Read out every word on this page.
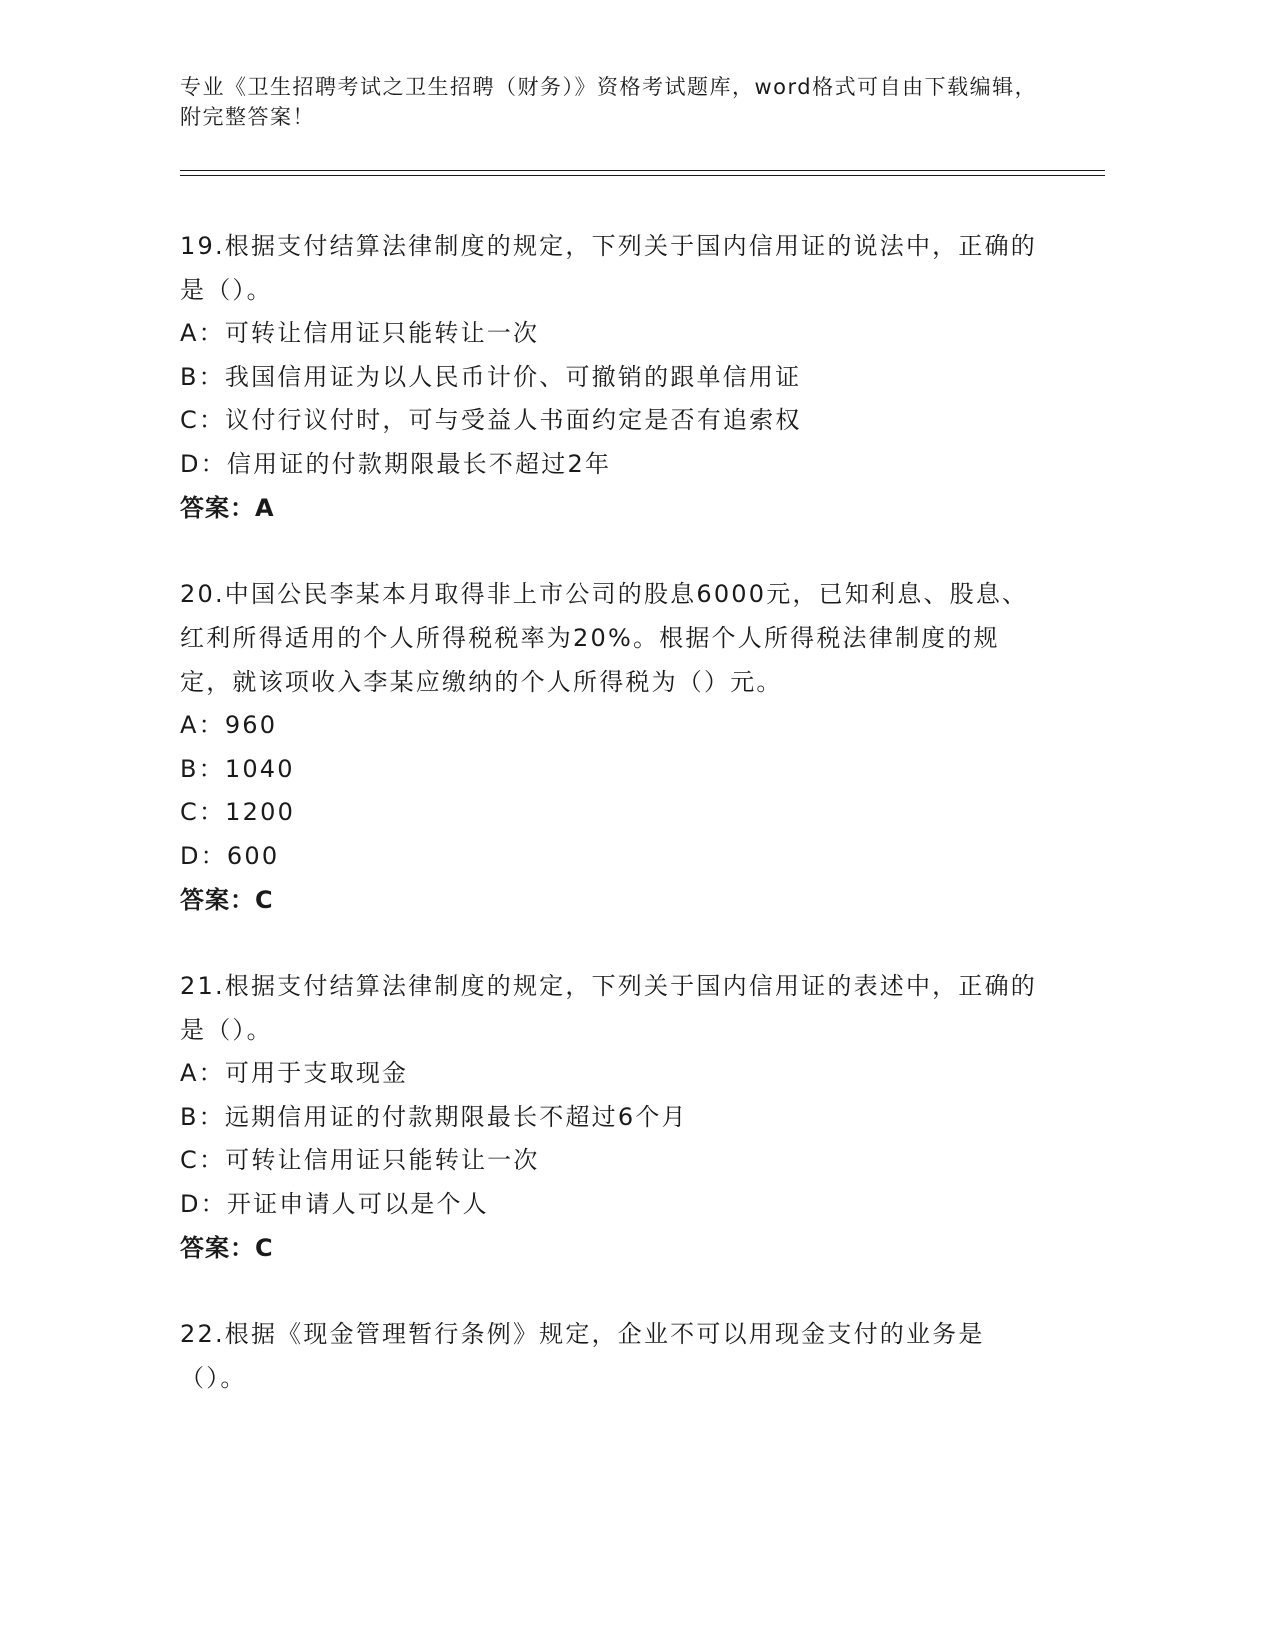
专业《卫生招聘考试之卫生招聘（财务）》资格考试题库，word格式可自由下载编辑，附完整答案！

19.根据支付结算法律制度的规定，下列关于国内信用证的说法中，正确的是（）。

A：可转让信用证只能转让一次
B：我国信用证为以人民币计价、可撤销的跟单信用证
C：议付行议付时，可与受益人书面约定是否有追索权
D：信用证的付款期限最长不超过2年
答案：A

20.中国公民李某本月取得非上市公司的股息6000元，已知利息、股息、红利所得适用的个人所得税税率为20%。根据个人所得税法律制度的规定，就该项收入李某应缴纳的个人所得税为（）元。

A：960
B：1040
C：1200
D：600
答案：C

21.根据支付结算法律制度的规定，下列关于国内信用证的表述中，正确的是（）。

A：可用于支取现金
B：远期信用证的付款期限最长不超过6个月
C：可转让信用证只能转让一次
D：开证申请人可以是个人
答案：C

22.根据《现金管理暂行条例》规定，企业不可以用现金支付的业务是（）。
